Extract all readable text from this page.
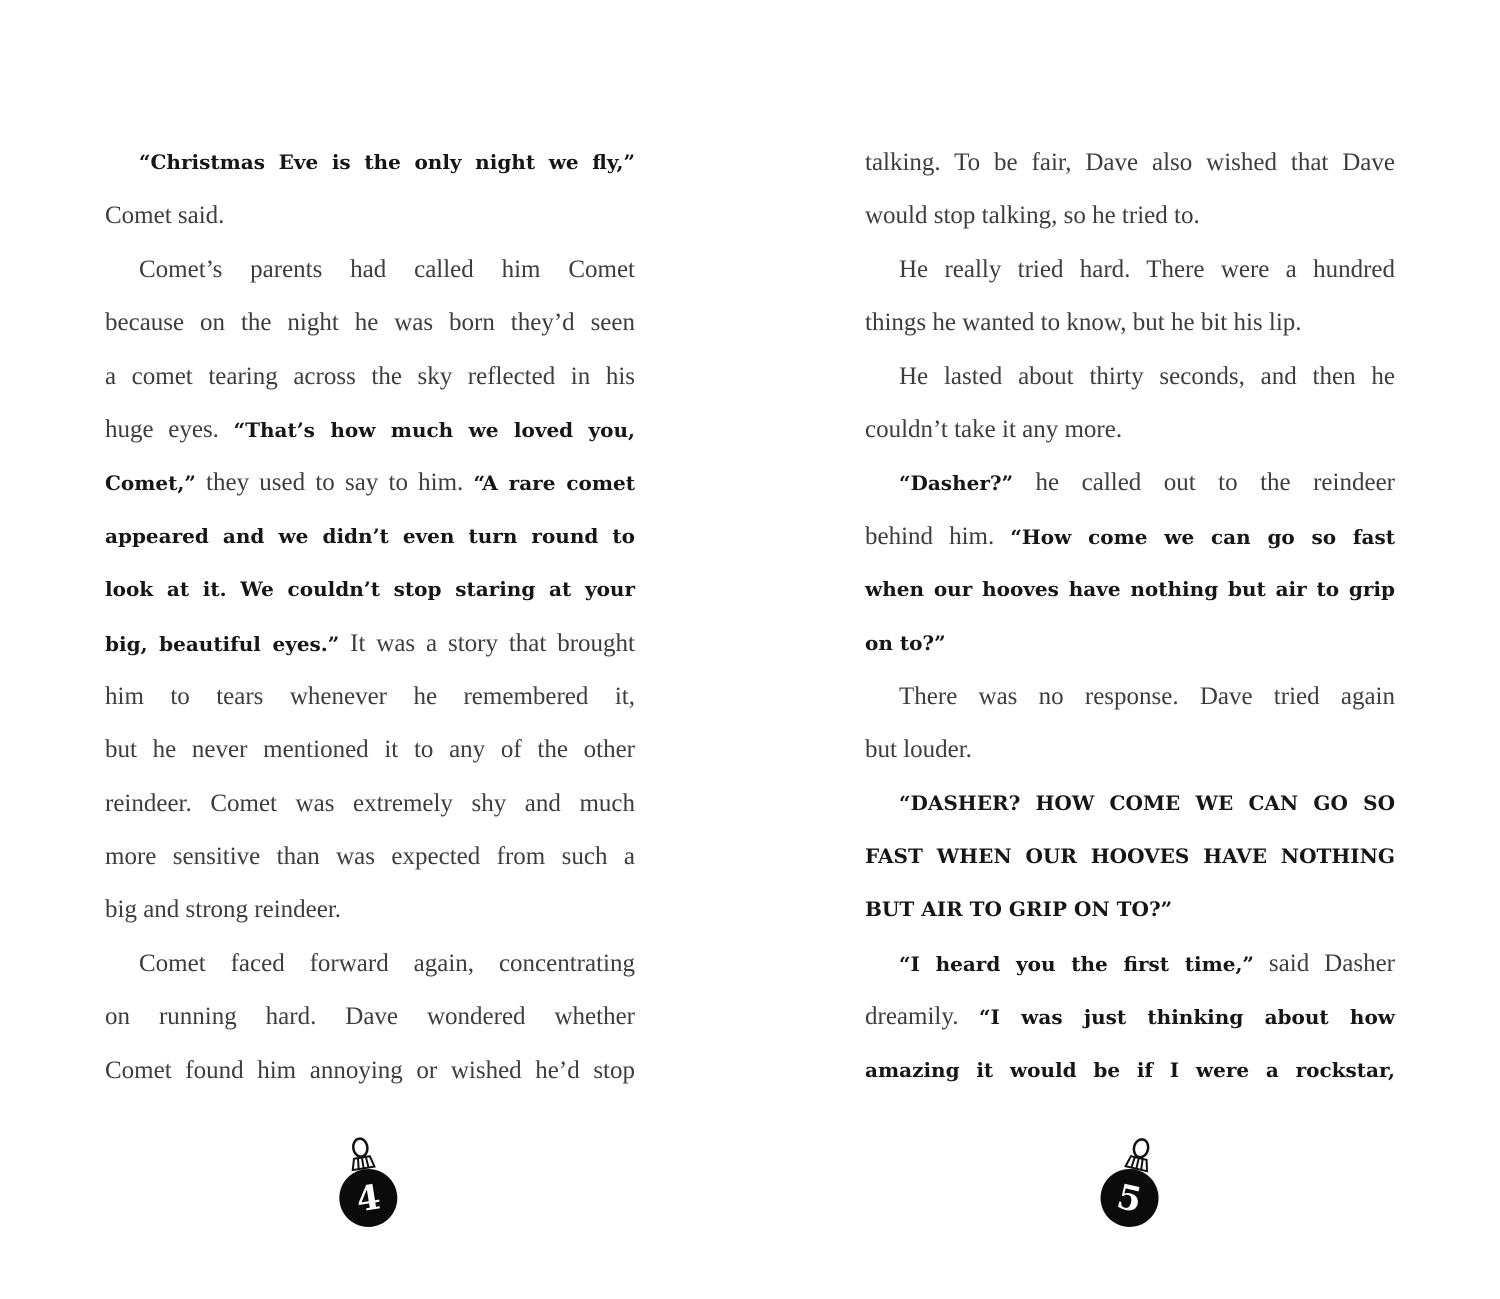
“Christmas Eve is the only night we fly,”
Comet said.
Comet’s parents had called him Comet
because on the night he was born they’d seen
a comet tearing across the sky reflected in his
huge eyes. “That’s how much we loved you,
Comet,” they used to say to him. “A rare comet
appeared and we didn’t even turn round to
look at it. We couldn’t stop staring at your
big, beautiful eyes.” It was a story that brought
him to tears whenever he remembered it,
but he never mentioned it to any of the other
reindeer. Comet was extremely shy and much
more sensitive than was expected from such a
big and strong reindeer.
Comet faced forward again, concentrating
on running hard. Dave wondered whether
Comet found him annoying or wished he’d stop
talking. To be fair, Dave also wished that Dave
would stop talking, so he tried to.
He really tried hard. There were a hundred
things he wanted to know, but he bit his lip.
He lasted about thirty seconds, and then he
couldn’t take it any more.
“Dasher?” he called out to the reindeer
behind him. “How come we can go so fast
when our hooves have nothing but air to grip
on to?”
There was no response. Dave tried again
but louder.
“DASHER? HOW COME WE CAN GO SO
FAST WHEN OUR HOOVES HAVE NOTHING
BUT AIR TO GRIP ON TO?”
“I heard you the first time,” said Dasher
dreamily. “I was just thinking about how
amazing it would be if I were a rockstar,
4	5
